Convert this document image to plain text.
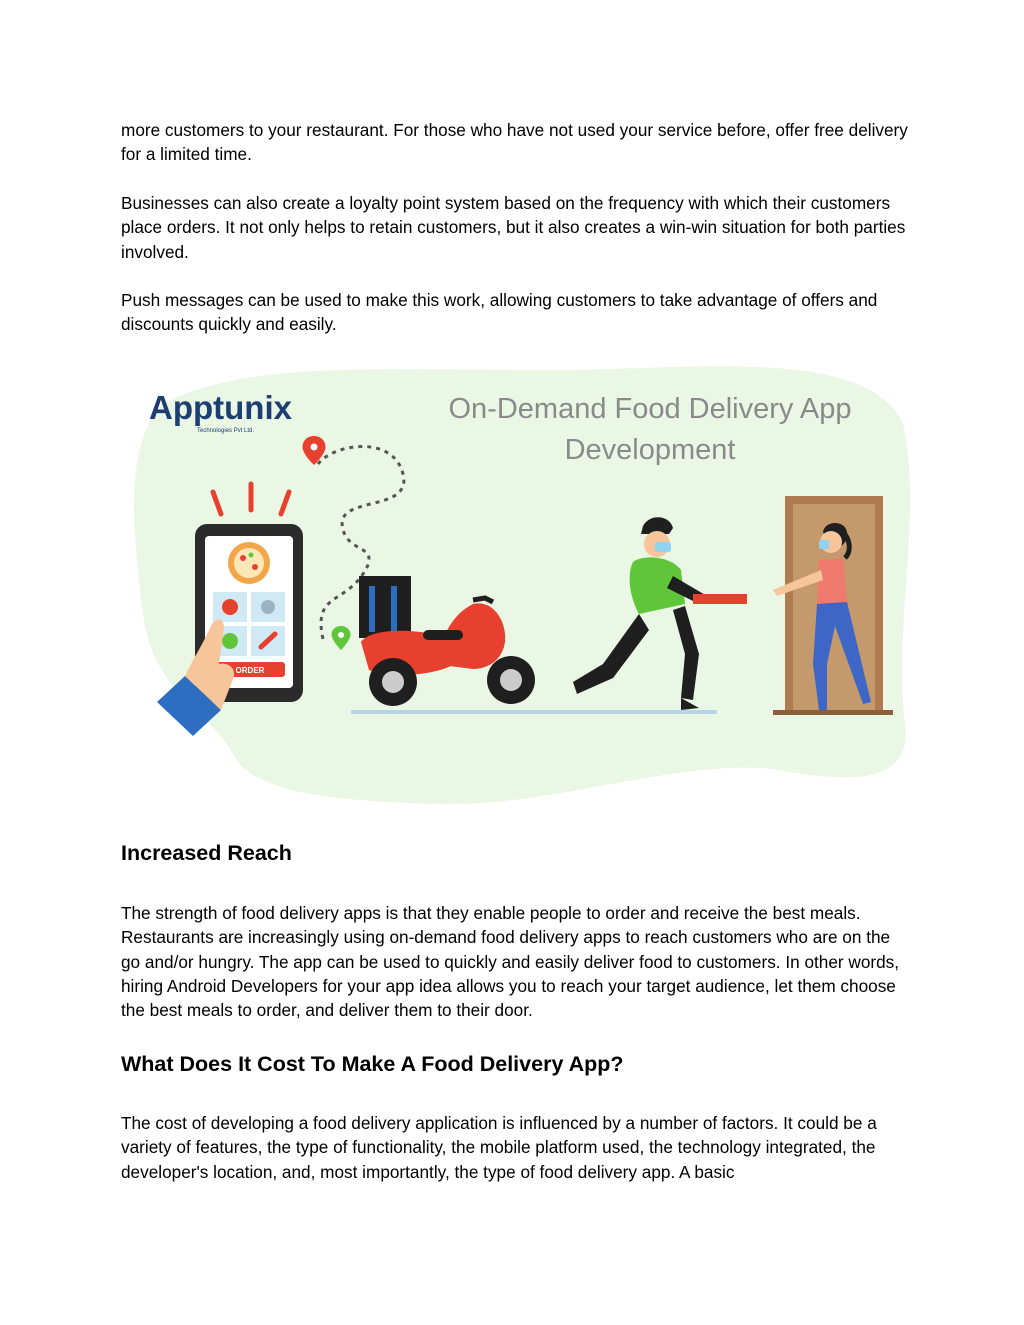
more customers to your restaurant. For those who have not used your service before, offer free delivery for a limited time.

Businesses can also create a loyalty point system based on the frequency with which their customers place orders. It not only helps to retain customers, but it also creates a win-win situation for both parties involved.

Push messages can be used to make this work, allowing customers to take advantage of offers and discounts quickly and easily.

Apptunix
Technologies Pvt Ltd.
On-Demand Food Delivery App
Development
ORDER
Increased Reach

The strength of food delivery apps is that they enable people to order and receive the best meals. Restaurants are increasingly using on-demand food delivery apps to reach customers who are on the go and/or hungry. The app can be used to quickly and easily deliver food to customers. In other words, hiring Android Developers for your app idea allows you to reach your target audience, let them choose the best meals to order, and deliver them to their door.

What Does It Cost To Make A Food Delivery App?

The cost of developing a food delivery application is influenced by a number of factors. It could be a variety of features, the type of functionality, the mobile platform used, the technology integrated, the developer's location, and, most importantly, the type of food delivery app. A basic
